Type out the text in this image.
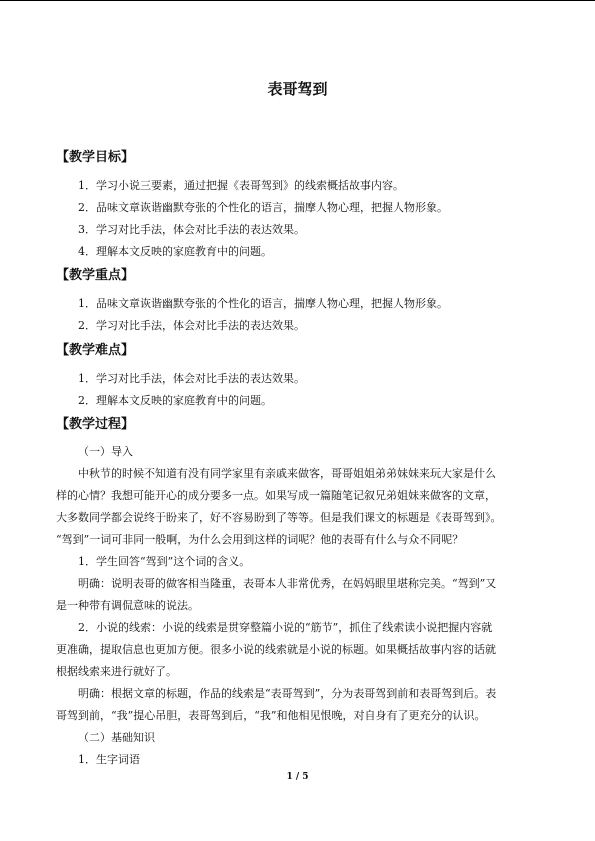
表哥驾到
【教学目标】
1．学习小说三要素，通过把握《表哥驾到》的线索概括故事内容。
2．品味文章诙谐幽默夸张的个性化的语言，揣摩人物心理，把握人物形象。
3．学习对比手法，体会对比手法的表达效果。
4．理解本文反映的家庭教育中的问题。
【教学重点】
1．品味文章诙谐幽默夸张的个性化的语言，揣摩人物心理，把握人物形象。
2．学习对比手法，体会对比手法的表达效果。
【教学难点】
1．学习对比手法，体会对比手法的表达效果。
2．理解本文反映的家庭教育中的问题。
【教学过程】
（一）导入
中秋节的时候不知道有没有同学家里有亲戚来做客，哥哥姐姐弟弟妹妹来玩大家是什么
样的心情？我想可能开心的成分要多一点。如果写成一篇随笔记叙兄弟姐妹来做客的文章，
大多数同学都会说终于盼来了，好不容易盼到了等等。但是我们课文的标题是《表哥驾到》。
“驾到”一词可非同一般啊，为什么会用到这样的词呢？他的表哥有什么与众不同呢？
1．学生回答“驾到”这个词的含义。
明确：说明表哥的做客相当隆重，表哥本人非常优秀，在妈妈眼里堪称完美。“驾到”又
是一种带有调侃意味的说法。
2．小说的线索：小说的线索是贯穿整篇小说的“筋节”，抓住了线索读小说把握内容就
更准确，提取信息也更加方便。很多小说的线索就是小说的标题。如果概括故事内容的话就
根据线索来进行就好了。
明确：根据文章的标题，作品的线索是“表哥驾到”，分为表哥驾到前和表哥驾到后。表
哥驾到前，“我”提心吊胆，表哥驾到后，“我”和他相见恨晚，对自身有了更充分的认识。
（二）基础知识
1．生字词语
1 / 5
